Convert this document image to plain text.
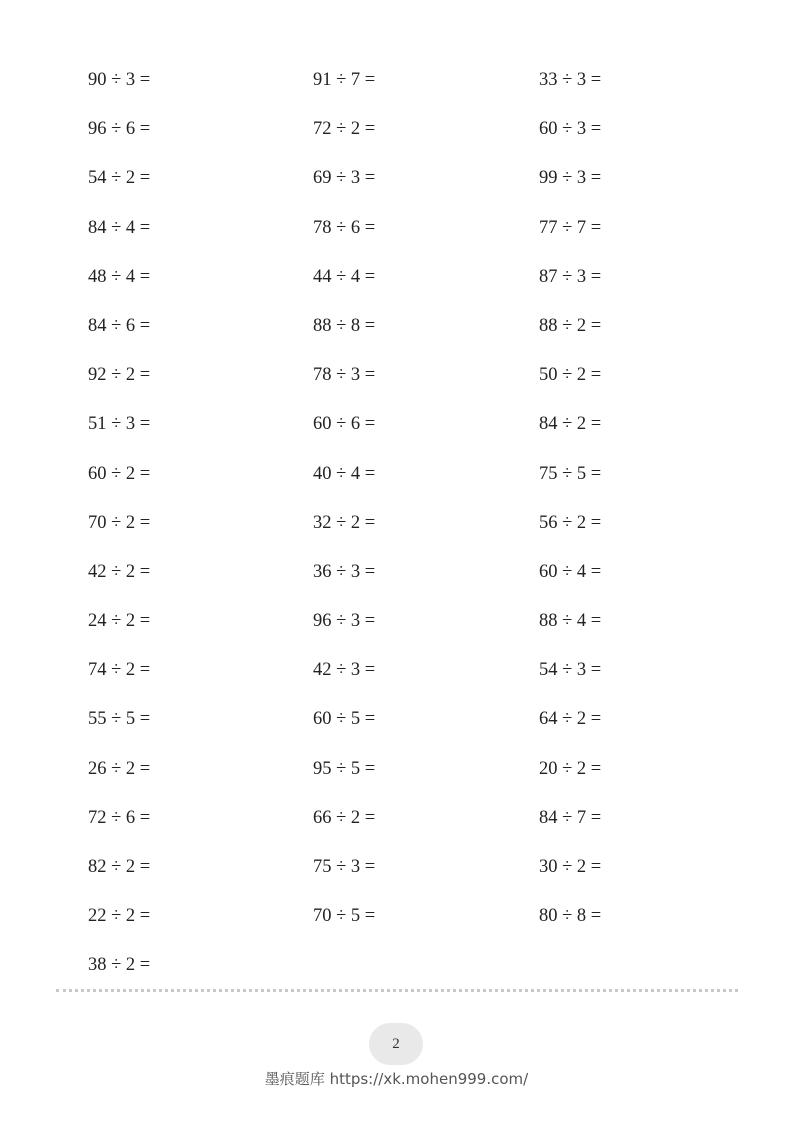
90 ÷ 3 =
96 ÷ 6 =
54 ÷ 2 =
84 ÷ 4 =
48 ÷ 4 =
84 ÷ 6 =
92 ÷ 2 =
51 ÷ 3 =
60 ÷ 2 =
70 ÷ 2 =
42 ÷ 2 =
24 ÷ 2 =
74 ÷ 2 =
55 ÷ 5 =
26 ÷ 2 =
72 ÷ 6 =
82 ÷ 2 =
22 ÷ 2 =
38 ÷ 2 =
91 ÷ 7 =
72 ÷ 2 =
69 ÷ 3 =
78 ÷ 6 =
44 ÷ 4 =
88 ÷ 8 =
78 ÷ 3 =
60 ÷ 6 =
40 ÷ 4 =
32 ÷ 2 =
36 ÷ 3 =
96 ÷ 3 =
42 ÷ 3 =
60 ÷ 5 =
95 ÷ 5 =
66 ÷ 2 =
75 ÷ 3 =
70 ÷ 5 =
33 ÷ 3 =
60 ÷ 3 =
99 ÷ 3 =
77 ÷ 7 =
87 ÷ 3 =
88 ÷ 2 =
50 ÷ 2 =
84 ÷ 2 =
75 ÷ 5 =
56 ÷ 2 =
60 ÷ 4 =
88 ÷ 4 =
54 ÷ 3 =
64 ÷ 2 =
20 ÷ 2 =
84 ÷ 7 =
30 ÷ 2 =
80 ÷ 8 =
2
墨痕题库 https://xk.mohen999.com/
